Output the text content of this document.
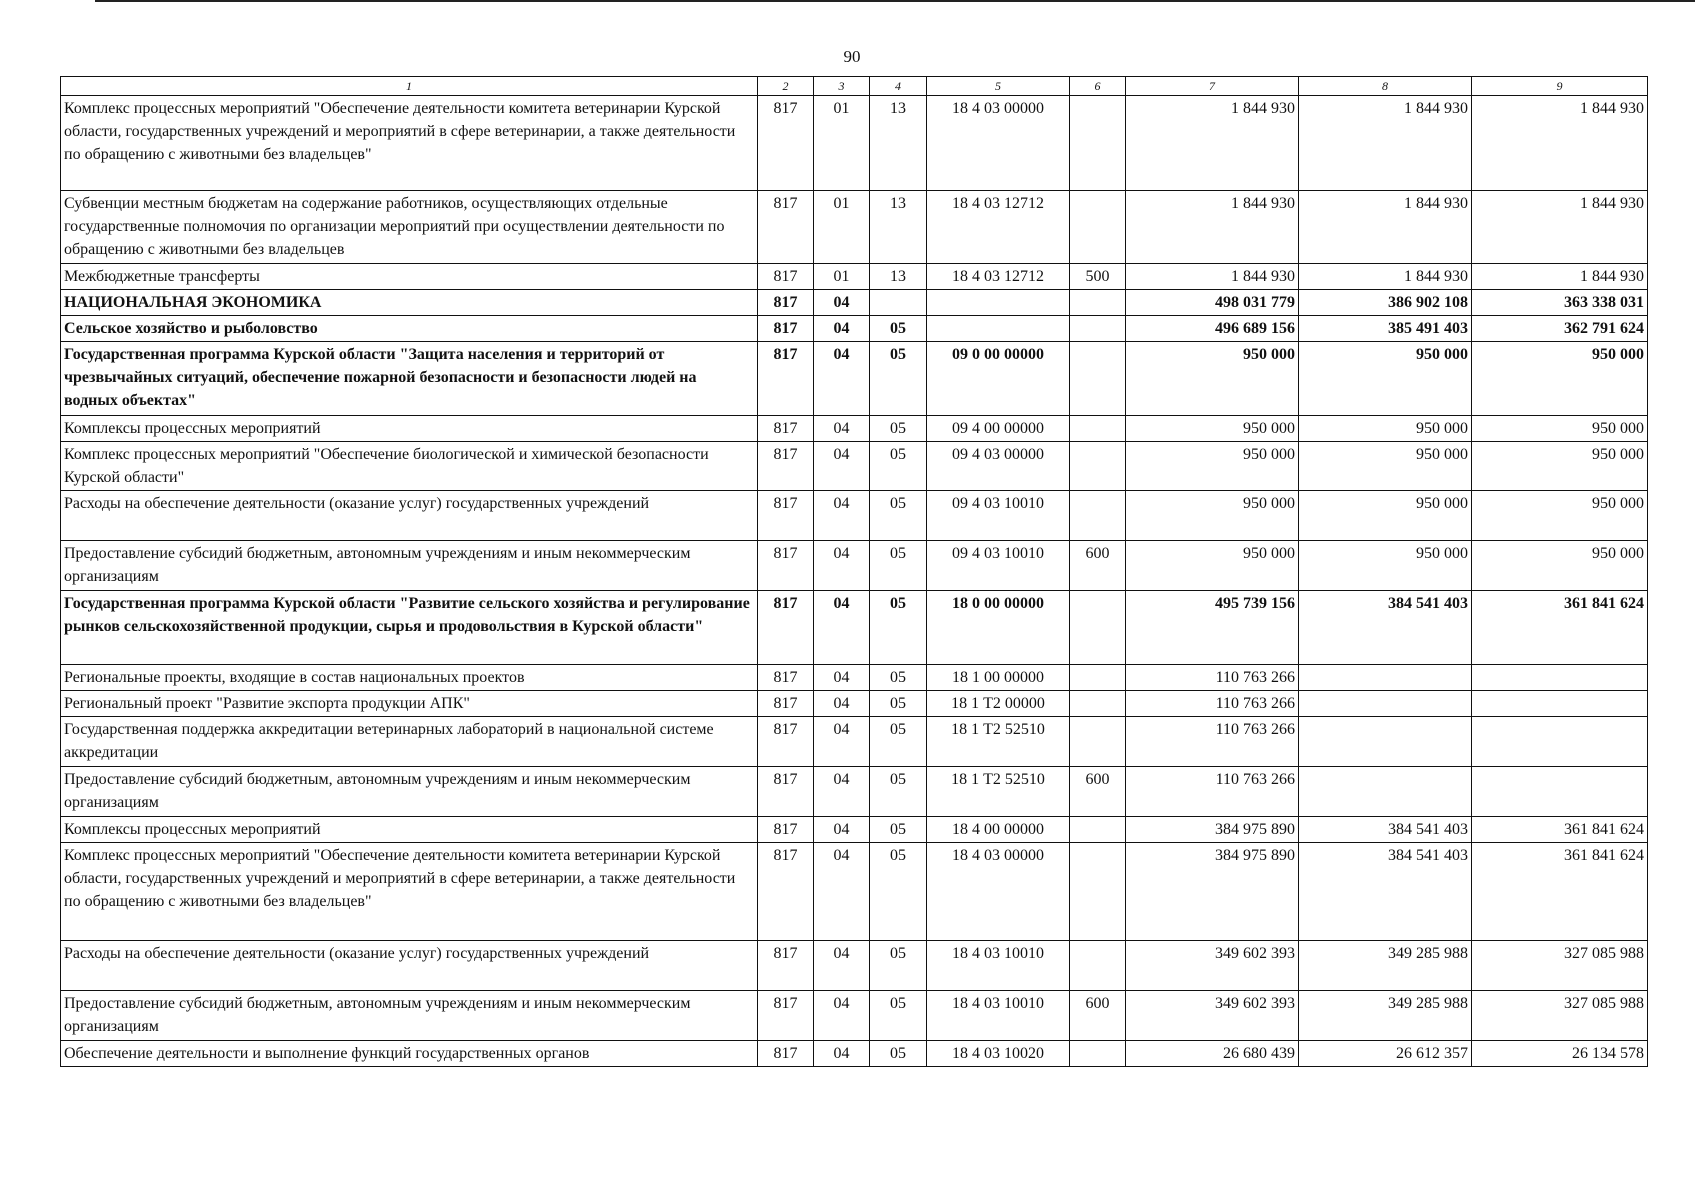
90
1	2	3	4	5	6	7	8	9
Комплекс процессных мероприятий "Обеспечение деятельности комитета ветеринарии Курской области, государственных учреждений и мероприятий в сфере ветеринарии, а также деятельности по обращению с животными без владельцев"	817	01	13	18 4 03 00000		1 844 930	1 844 930	1 844 930
Субвенции местным бюджетам на содержание работников, осуществляющих отдельные государственные полномочия по организации мероприятий при осуществлении деятельности по обращению с животными без владельцев	817	01	13	18 4 03 12712		1 844 930	1 844 930	1 844 930
Межбюджетные трансферты	817	01	13	18 4 03 12712	500	1 844 930	1 844 930	1 844 930
НАЦИОНАЛЬНАЯ ЭКОНОМИКА	817	04				498 031 779	386 902 108	363 338 031
Сельское хозяйство и рыболовство	817	04	05			496 689 156	385 491 403	362 791 624
Государственная программа Курской области "Защита населения и территорий от чрезвычайных ситуаций, обеспечение пожарной безопасности и безопасности людей на водных объектах"	817	04	05	09 0 00 00000		950 000	950 000	950 000
Комплексы процессных мероприятий	817	04	05	09 4 00 00000		950 000	950 000	950 000
Комплекс процессных мероприятий "Обеспечение биологической и химической безопасности Курской области"	817	04	05	09 4 03 00000		950 000	950 000	950 000
Расходы на обеспечение деятельности (оказание услуг) государственных учреждений	817	04	05	09 4 03 10010		950 000	950 000	950 000
Предоставление субсидий бюджетным, автономным учреждениям и иным некоммерческим организациям	817	04	05	09 4 03 10010	600	950 000	950 000	950 000
Государственная программа Курской области "Развитие сельского хозяйства и регулирование рынков сельскохозяйственной продукции, сырья и продовольствия в Курской области"	817	04	05	18 0 00 00000		495 739 156	384 541 403	361 841 624
Региональные проекты, входящие в состав национальных проектов	817	04	05	18 1 00 00000		110 763 266		
Региональный проект "Развитие экспорта продукции АПК"	817	04	05	18 1 Т2 00000		110 763 266		
Государственная поддержка аккредитации ветеринарных лабораторий в национальной системе аккредитации	817	04	05	18 1 Т2 52510		110 763 266		
Предоставление субсидий бюджетным, автономным учреждениям и иным некоммерческим организациям	817	04	05	18 1 Т2 52510	600	110 763 266		
Комплексы процессных мероприятий	817	04	05	18 4 00 00000		384 975 890	384 541 403	361 841 624
Комплекс процессных мероприятий "Обеспечение деятельности комитета ветеринарии Курской области, государственных учреждений и мероприятий в сфере ветеринарии, а также деятельности по обращению с животными без владельцев"	817	04	05	18 4 03 00000		384 975 890	384 541 403	361 841 624
Расходы на обеспечение деятельности (оказание услуг) государственных учреждений	817	04	05	18 4 03 10010		349 602 393	349 285 988	327 085 988
Предоставление субсидий бюджетным, автономным учреждениям и иным некоммерческим организациям	817	04	05	18 4 03 10010	600	349 602 393	349 285 988	327 085 988
Обеспечение деятельности и выполнение функций государственных органов	817	04	05	18 4 03 10020		26 680 439	26 612 357	26 134 578
